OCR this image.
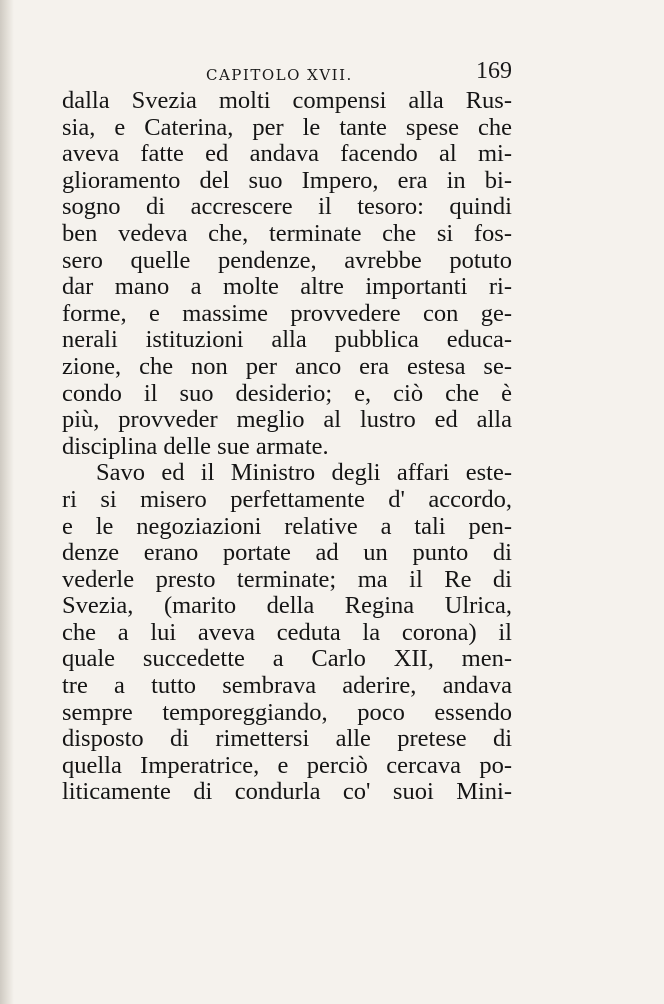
CAPITOLO XVII.	169
dalla Svezia molti compensi alla Rus-
sia, e Caterina, per le tante spese che
aveva fatte ed andava facendo al mi-
glioramento del suo Impero, era in bi-
sogno di accrescere il tesoro: quindi
ben vedeva che, terminate che si fos-
sero quelle pendenze, avrebbe potuto
dar mano a molte altre importanti ri-
forme, e massime provvedere con ge-
nerali istituzioni alla pubblica educa-
zione, che non per anco era estesa se-
condo il suo desiderio; e, ciò che è
più, provveder meglio al lustro ed alla
disciplina delle sue armate.
Savo ed il Ministro degli affari este-
ri si misero perfettamente d' accordo,
e le negoziazioni relative a tali pen-
denze erano portate ad un punto di
vederle presto terminate; ma il Re di
Svezia, (marito della Regina Ulrica,
che a lui aveva ceduta la corona) il
quale succedette a Carlo XII, men-
tre a tutto sembrava aderire, andava
sempre temporeggiando, poco essendo
disposto di rimettersi alle pretese di
quella Imperatrice, e perciò cercava po-
liticamente di condurla co' suoi Mini-
